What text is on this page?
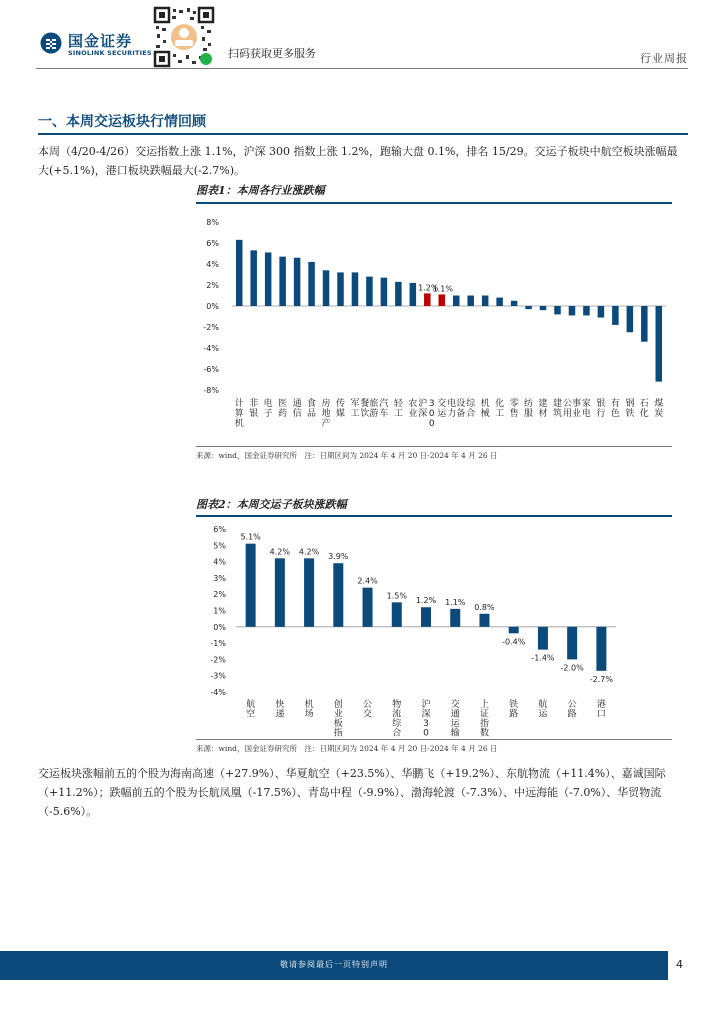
国金证券
SINOLINK SECURITIES	扫码获取更多服务	行业周报
一、本周交运板块行情回顾
本周（4/20-4/26）交运指数上涨 1.1%，沪深 300 指数上涨 1.2%，跑输大盘 0.1%，排名 15/29。交运子板块中航空板块涨幅最大(+5.1%)，港口板块跌幅最大(-2.7%)。
图表1：本周各行业涨跌幅
8%
6%
4%
2%
0%
-2%
-4%
-6%
-8%
计算机
非银
电子
医药
通信
食品
房地产
传媒
军工
餐饮旅游
汽车
轻工
农业
1.2%
沪深3 0 0
1.1%
交运
电力设备
综合
机械
化工
零售
纺服
建材
建筑
公用事业
家电
银行
有色
钢铁
石化
煤炭
来源：wind，国金证券研究所　注：日期区间为 2024 年 4 月 20 日-2024 年 4 月 26 日
图表2：本周交运子板块涨跌幅
6%
5%
4%
3%
2%
1%
0%
-1%
-2%
-3%
-4%
5.1%
航空
4.2%
快递
4.2%
机场
3.9%
创业板指
2.4%
公交
1.5%
物流综合
1.2%
沪深 3 0
1.1%
交通运输
0.8%
上证指数
-0.4%
铁路
-1.4%
航运
-2.0%
公路
-2.7%
港口
来源：wind，国金证券研究所　注：日期区间为 2024 年 4 月 20 日-2024 年 4 月 26 日
交运板块涨幅前五的个股为海南高速（+27.9%）、华夏航空（+23.5%）、华鹏飞（+19.2%）、东航物流（+11.4%）、嘉诚国际（+11.2%）；跌幅前五的个股为长航凤凰（-17.5%）、青岛中程（-9.9%）、渤海轮渡（-7.3%）、中远海能（-7.0%）、华贸物流（-5.6%）。
敬请参阅最后一页特别声明	4
